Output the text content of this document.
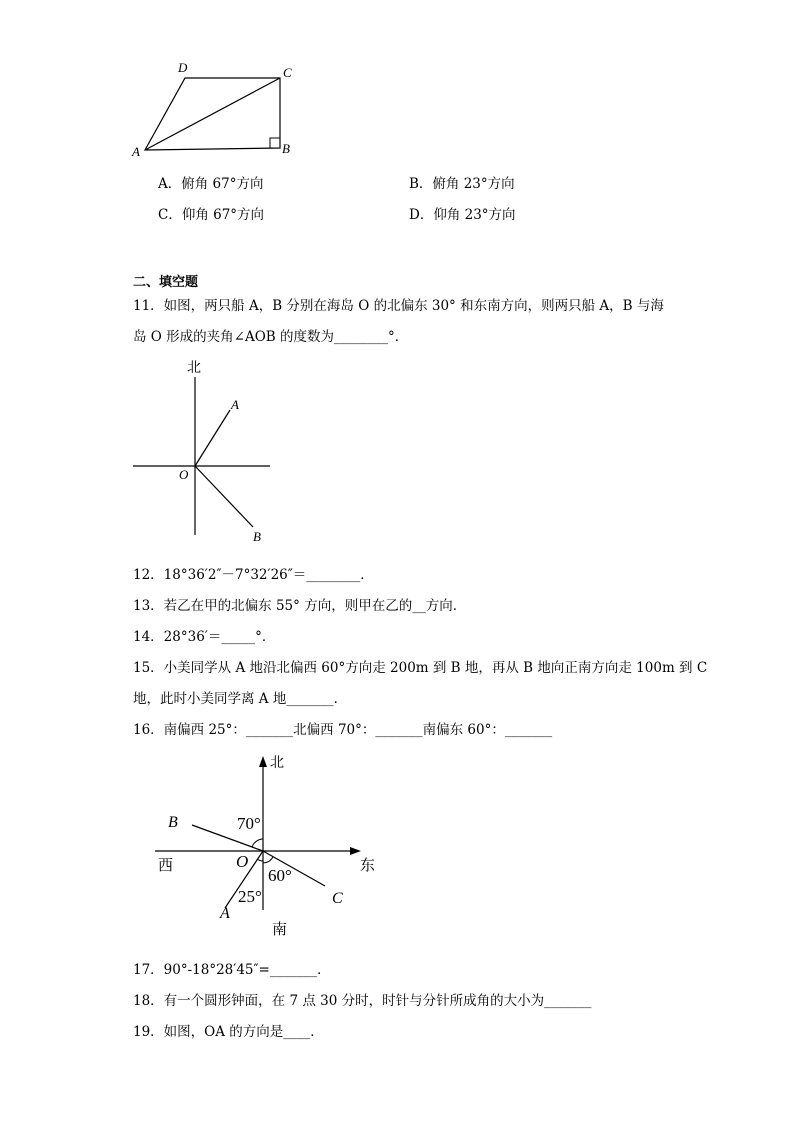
D	C
A	B
A．俯角 67°方向	B．俯角 23°方向
C．仰角 67°方向	D．仰角 23°方向
二、填空题
11．如图，两只船 A，B 分别在海岛 O 的北偏东 30° 和东南方向，则两只船 A，B 与海
岛 O 形成的夹角∠AOB 的度数为________°．
北
A
O
B
12．18°36′2″－7°32′26″＝________．
13．若乙在甲的北偏东 55° 方向，则甲在乙的__方向．
14．28°36′＝_____°．
15．小美同学从 A 地沿北偏西 60°方向走 200m 到 B 地，再从 B 地向正南方向走 100m 到 C
地，此时小美同学离 A 地_______．
16．南偏西 25°：_______北偏西 70°：_______南偏东 60°：_______
北
B	70°
西	O
60°
东
25°	C
A
南
17．90°-18°28′45″=_______．
18．有一个圆形钟面，在 7 点 30 分时，时针与分针所成角的大小为_______
19．如图，OA 的方向是____．
